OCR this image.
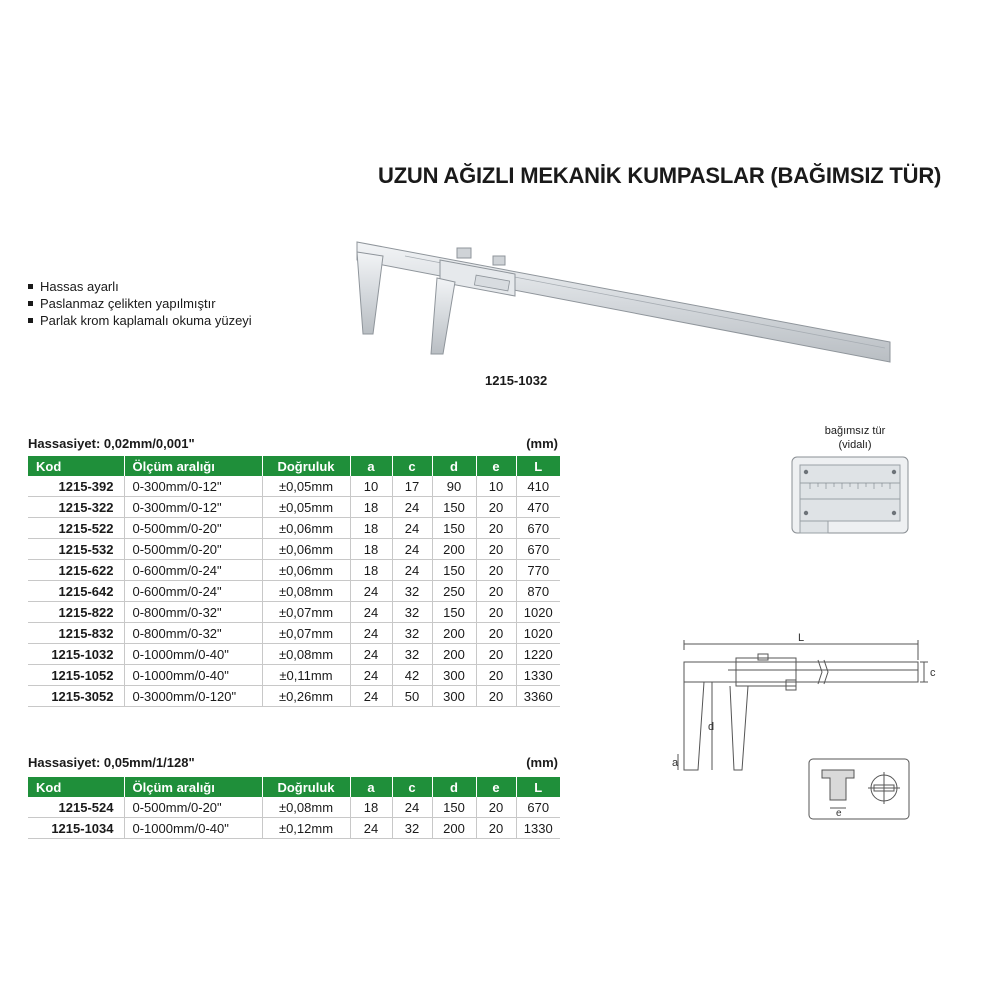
UZUN AĞIZLI MEKANİK KUMPASLAR (BAĞIMSIZ TÜR)
Hassas ayarlı
Paslanmaz çelikten yapılmıştır
Parlak krom kaplamalı okuma yüzeyi
1215-1032
Hassasiyet: 0,02mm/0,001"	(mm)
Kod	Ölçüm aralığı	Doğruluk	a	c	d	e	L
1215-392	0-300mm/0-12"	±0,05mm	10	17	90	10	410
1215-322	0-300mm/0-12"	±0,05mm	18	24	150	20	470
1215-522	0-500mm/0-20"	±0,06mm	18	24	150	20	670
1215-532	0-500mm/0-20"	±0,06mm	18	24	200	20	670
1215-622	0-600mm/0-24"	±0,06mm	18	24	150	20	770
1215-642	0-600mm/0-24"	±0,08mm	24	32	250	20	870
1215-822	0-800mm/0-32"	±0,07mm	24	32	150	20	1020
1215-832	0-800mm/0-32"	±0,07mm	24	32	200	20	1020
1215-1032	0-1000mm/0-40"	±0,08mm	24	32	200	20	1220
1215-1052	0-1000mm/0-40"	±0,11mm	24	42	300	20	1330
1215-3052	0-3000mm/0-120"	±0,26mm	24	50	300	20	3360
Hassasiyet: 0,05mm/1/128"	(mm)
Kod	Ölçüm aralığı	Doğruluk	a	c	d	e	L
1215-524	0-500mm/0-20"	±0,08mm	18	24	150	20	670
1215-1034	0-1000mm/0-40"	±0,12mm	24	32	200	20	1330
bağımsız tür
(vidalı)
L
c
d
a
e
